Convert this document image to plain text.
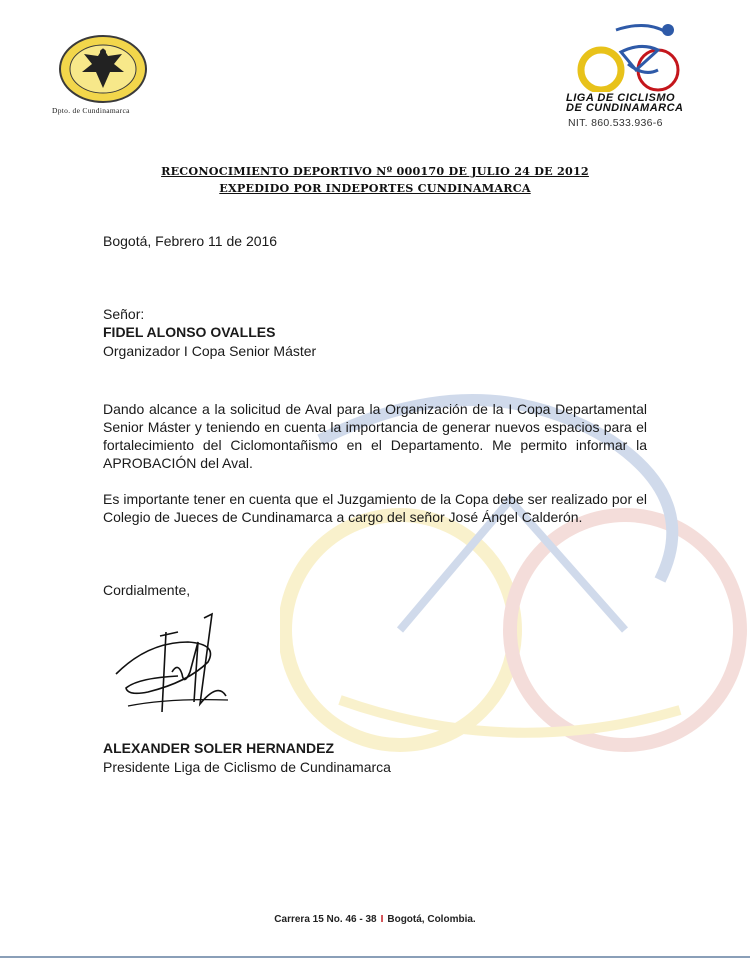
Dpto. de Cundinamarca
LIGA DE CICLISMO
DE CUNDINAMARCA
NIT. 860.533.936-6
RECONOCIMIENTO DEPORTIVO Nº 000170 DE JULIO 24 DE 2012
EXPEDIDO POR INDEPORTES CUNDINAMARCA
Bogotá, Febrero 11 de 2016
Señor:
FIDEL ALONSO OVALLES
Organizador I Copa Senior Máster
Dando alcance a la solicitud de Aval para la Organización de la I Copa Departamental Senior Máster y teniendo en cuenta la importancia de generar nuevos espacios para el fortalecimiento del Ciclomontañismo en el Departamento. Me permito informar la APROBACIÓN del Aval.
Es importante tener en cuenta que el Juzgamiento de la Copa debe ser realizado por el Colegio de Jueces de Cundinamarca a cargo del señor José Ángel Calderón.
Cordialmente,
ALEXANDER SOLER HERNANDEZ
Presidente Liga de Ciclismo de Cundinamarca
Carrera 15 No. 46 - 38 I Bogotá, Colombia.
